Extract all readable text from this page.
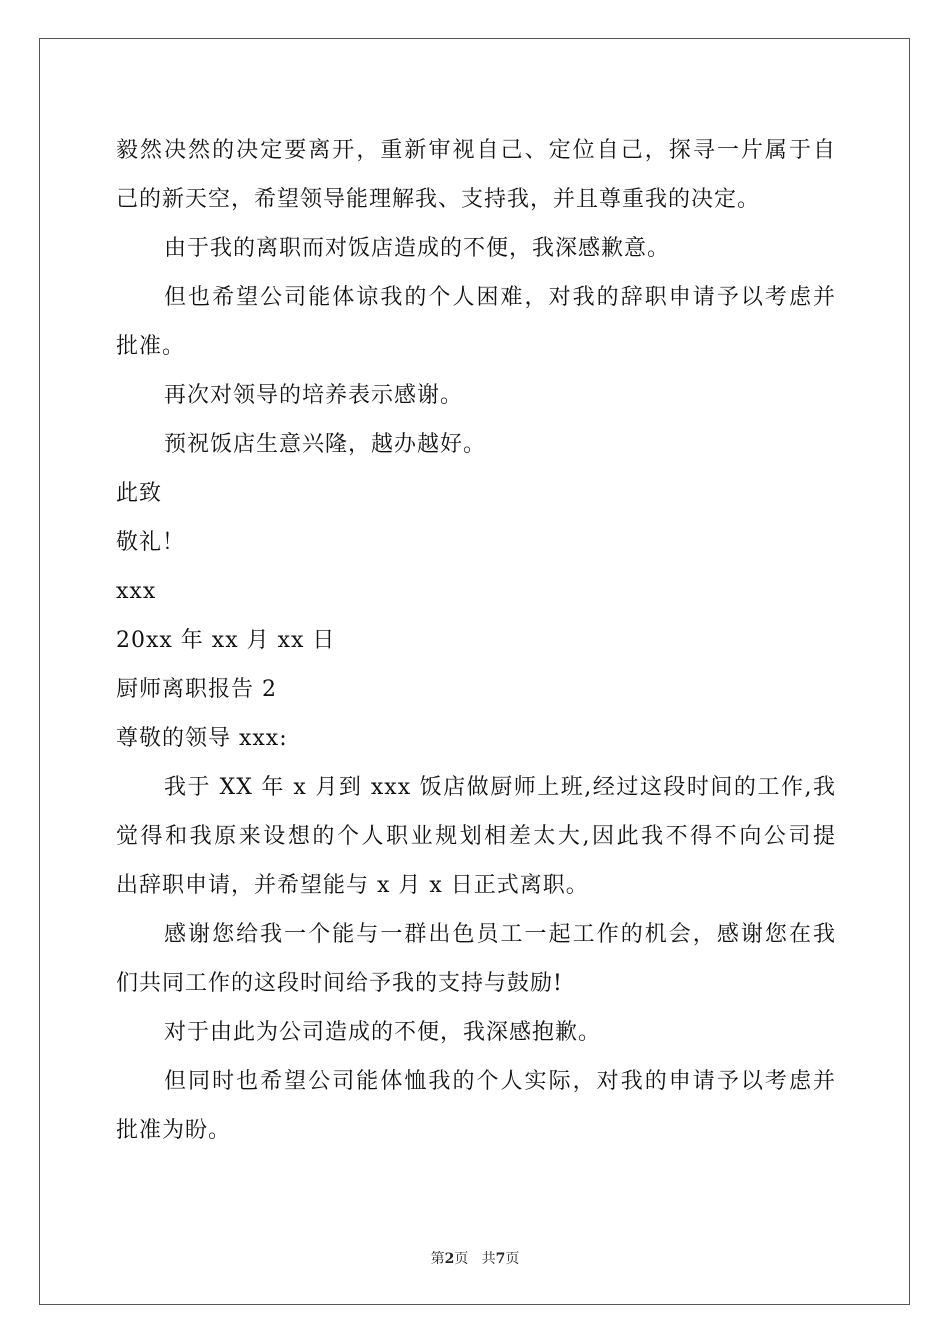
毅然决然的决定要离开，重新审视自己、定位自己，探寻一片属于自
己的新天空，希望领导能理解我、支持我，并且尊重我的决定。
由于我的离职而对饭店造成的不便，我深感歉意。
但也希望公司能体谅我的个人困难，对我的辞职申请予以考虑并
批准。
再次对领导的培养表示感谢。
预祝饭店生意兴隆，越办越好。
此致
敬礼！
xxx
20xx 年 xx 月 xx 日
厨师离职报告 2
尊敬的领导 xxx:
我于 XX 年 x 月到 xxx 饭店做厨师上班,经过这段时间的工作,我
觉得和我原来设想的个人职业规划相差太大,因此我不得不向公司提
出辞职申请，并希望能与 x 月 x 日正式离职。
感谢您给我一个能与一群出色员工一起工作的机会，感谢您在我
们共同工作的这段时间给予我的支持与鼓励!
对于由此为公司造成的不便，我深感抱歉。
但同时也希望公司能体恤我的个人实际，对我的申请予以考虑并
批准为盼。
第2页 共7页
